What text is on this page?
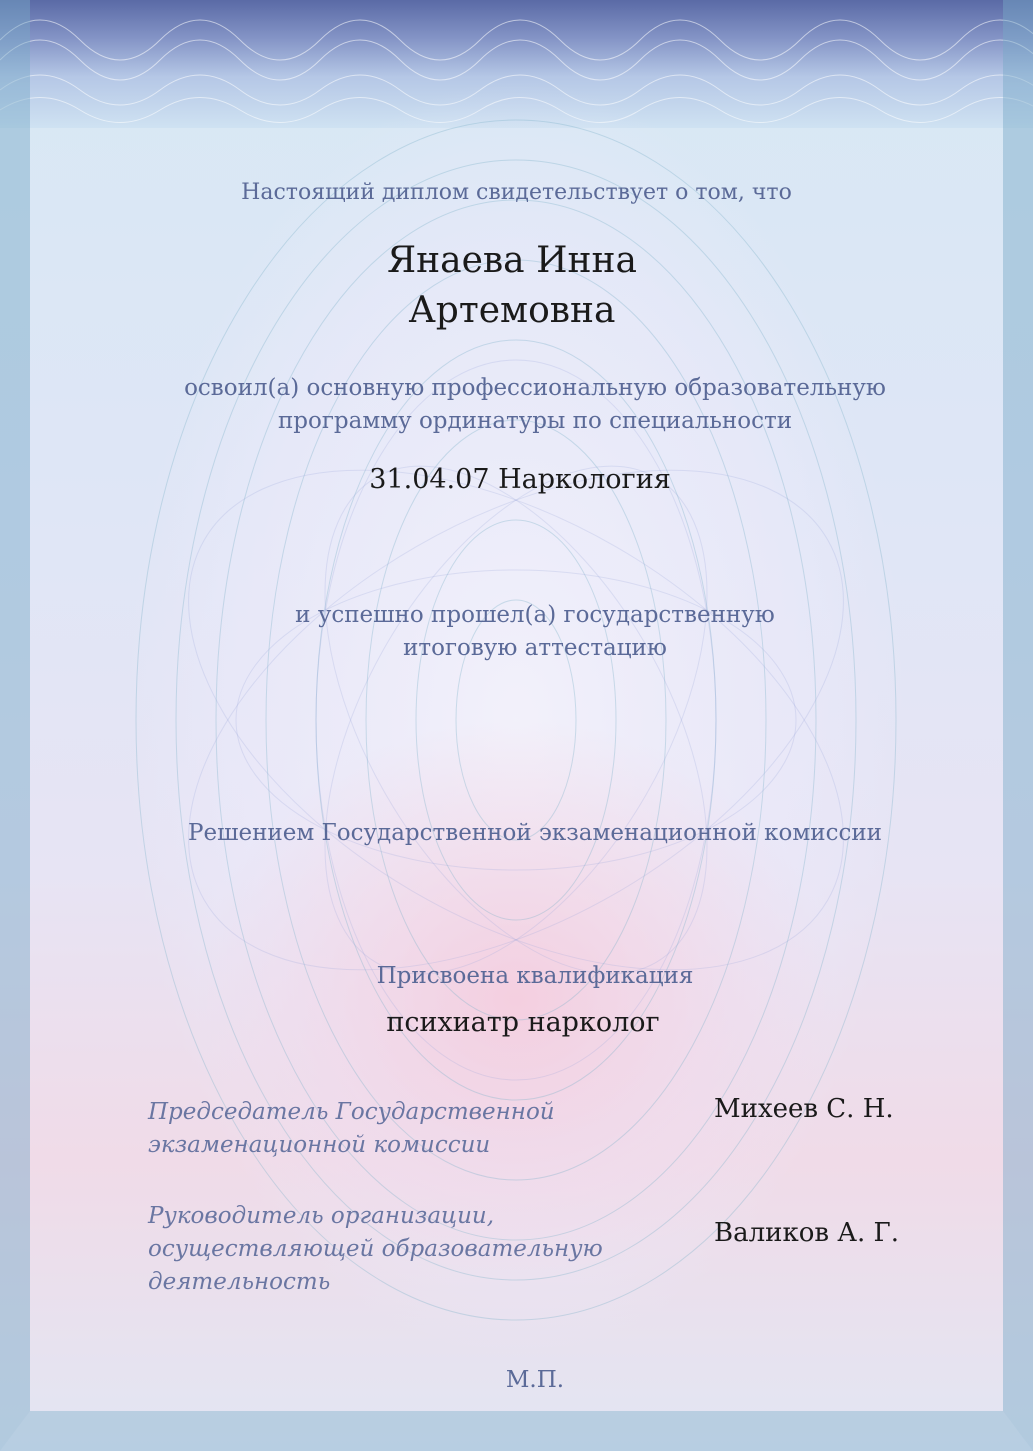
Настоящий диплом свидетельствует о том, что

Янаева Инна

Артемовна

освоил(а) основную профессиональную образовательную

программу ординатуры по специальности

31.04.07 Наркология

и успешно прошел(а) государственную

итоговую аттестацию

Решением Государственной экзаменационной комиссии

Присвоена квалификация

психиатр нарколог

Председатель Государственной
экзаменационной комиссии
Михеев С. Н.
Руководитель организации,
осуществляющей образовательную
деятельность
Валиков А. Г.

М.П.
